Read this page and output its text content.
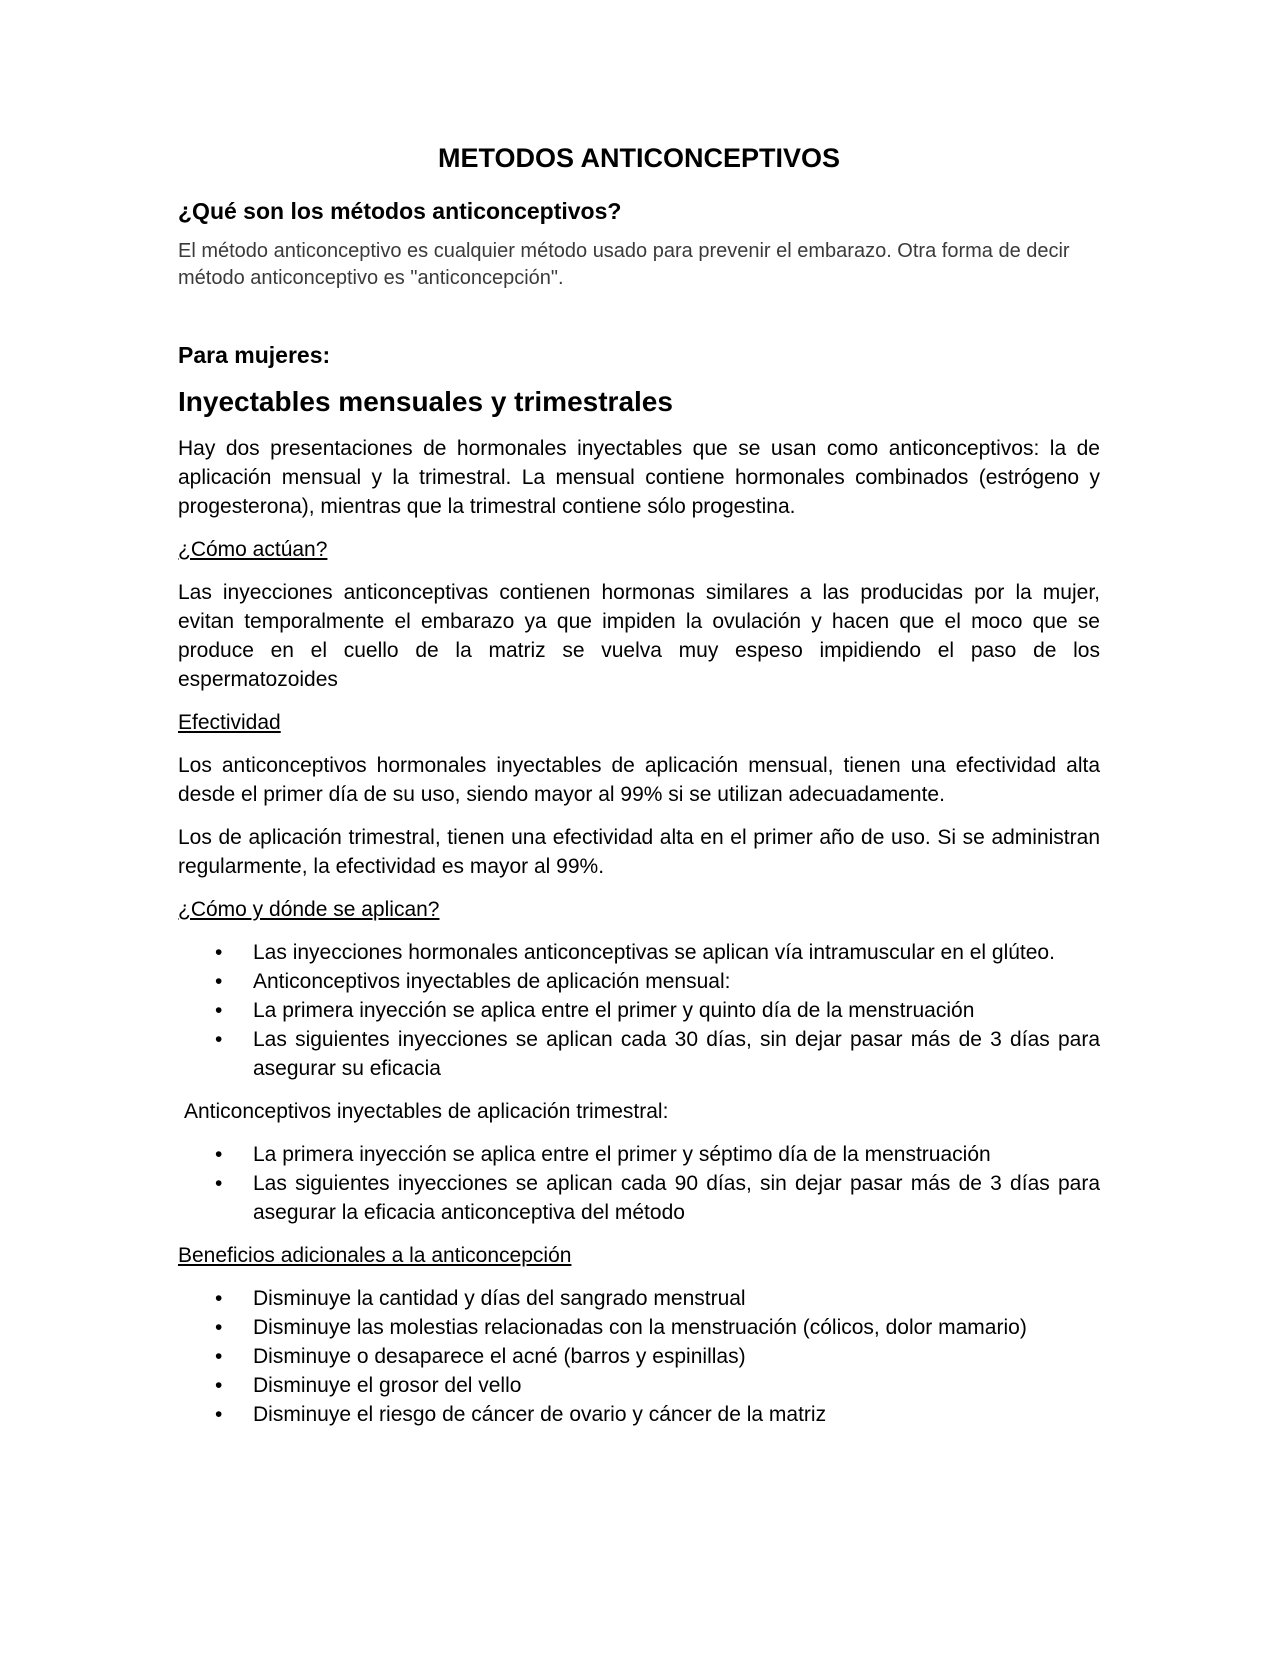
METODOS ANTICONCEPTIVOS
¿Qué son los métodos anticonceptivos?
El método anticonceptivo es cualquier método usado para prevenir el embarazo. Otra forma de decir método anticonceptivo es "anticoncepción".
Para mujeres:
Inyectables mensuales y trimestrales

Hay dos presentaciones de hormonales inyectables que se usan como anticonceptivos: la de aplicación mensual y la trimestral. La mensual contiene hormonales combinados (estrógeno y progesterona), mientras que la trimestral contiene sólo progestina.

¿Cómo actúan?

Las inyecciones anticonceptivas contienen hormonas similares a las producidas por la mujer, evitan temporalmente el embarazo ya que impiden la ovulación y hacen que el moco que se produce en el cuello de la matriz se vuelva muy espeso impidiendo el paso de los espermatozoides

Efectividad

Los anticonceptivos hormonales inyectables de aplicación mensual, tienen una efectividad alta desde el primer día de su uso, siendo mayor al 99% si se utilizan adecuadamente.

Los de aplicación trimestral, tienen una efectividad alta en el primer año de uso. Si se administran regularmente, la efectividad es mayor al 99%.

¿Cómo y dónde se aplican?
• Las inyecciones hormonales anticonceptivas se aplican vía intramuscular en el glúteo.
• Anticonceptivos inyectables de aplicación mensual:
• La primera inyección se aplica entre el primer y quinto día de la menstruación
• Las siguientes inyecciones se aplican cada 30 días, sin dejar pasar más de 3 días para asegurar su eficacia
Anticonceptivos inyectables de aplicación trimestral:
• La primera inyección se aplica entre el primer y séptimo día de la menstruación
• Las siguientes inyecciones se aplican cada 90 días, sin dejar pasar más de 3 días para asegurar la eficacia anticonceptiva del método
Beneficios adicionales a la anticoncepción
• Disminuye la cantidad y días del sangrado menstrual
• Disminuye las molestias relacionadas con la menstruación (cólicos, dolor mamario)
• Disminuye o desaparece el acné (barros y espinillas)
• Disminuye el grosor del vello
• Disminuye el riesgo de cáncer de ovario y cáncer de la matriz
